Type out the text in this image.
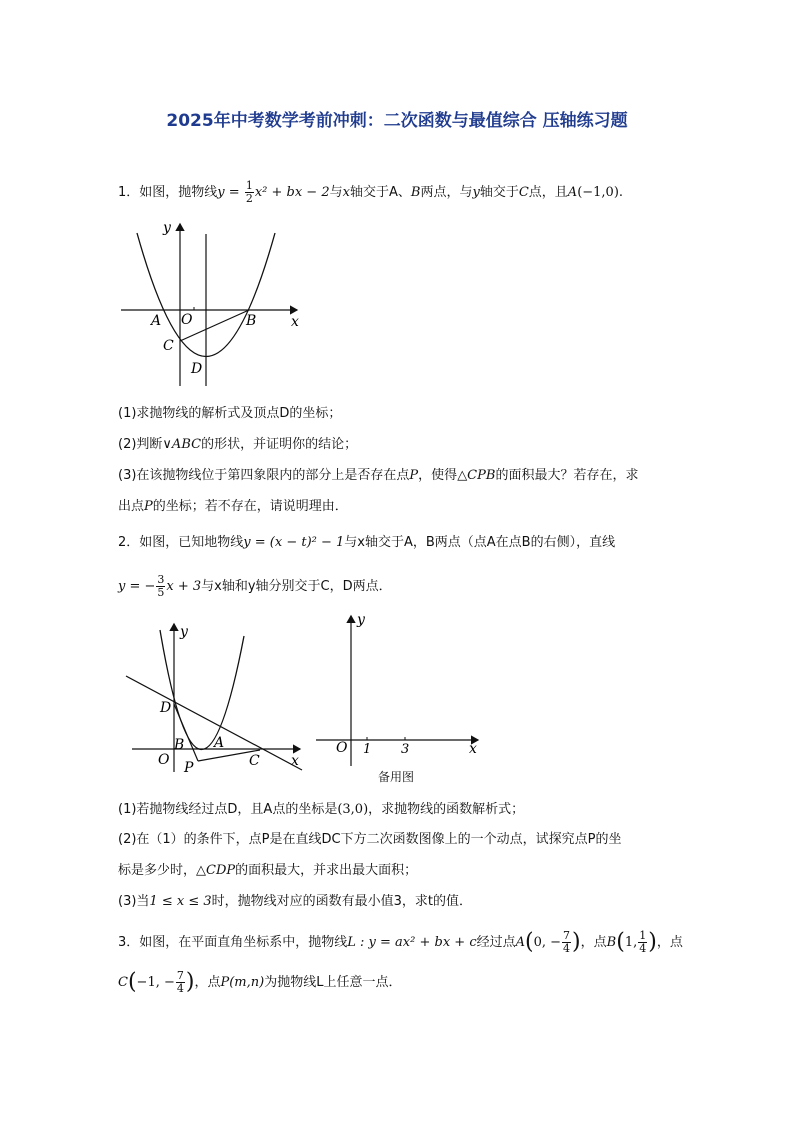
2025年中考数学考前冲刺：二次函数与最值综合 压轴练习题
1．如图，抛物线$y = \frac{1}{2} x^2$ + bx − 2与x轴交于A、B两点，与y轴交于C点，且A(−1,0).
y
x
O
A	B
C
D
(1)求抛物线的解析式及顶点D的坐标；
(2)判断∨ABC的形状，并证明你的结论；
(3)在该抛物线位于第四象限内的部分上是否存在点P，使得△CPB的面积最大？若存在，求
出点P的坐标；若不存在，请说明理由．
2．如图，已知地物线y = (x − t)² − 1与x轴交于A，B两点（点A在点B的右侧），直线
y = − $\frac{3}{5}$ x + 3与x轴和y轴分别交于C，D两点．
y
x
O
D
B A
P	C
y
x
O 1 3
备用图
(1)若抛物线经过点D，且A点的坐标是(3,0)，求抛物线的函数解析式；
(2)在（1）的条件下，点P是在直线DC下方二次函数图像上的一个动点，试探究点P的坐
标是多少时，△CDP的面积最大，并求出最大面积；
(3)当1 ≤ x ≤ 3时，抛物线对应的函数有最小值3，求t的值．
3．如图，在平面直角坐标系中，抛物线L : y = ax² + bx + c经过点A(0, − $\frac{7}{4}$ )，点B(1, $\frac{1}{4}$ )，点
C(−1, − $\frac{7}{4}$ )，点P(m,n)为抛物线L上任意一点．
